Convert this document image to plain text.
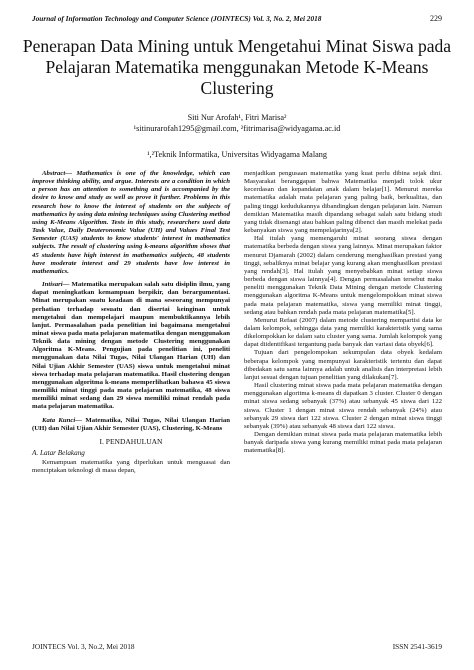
Journal of Information Technology and Computer Science (JOINTECS) Vol. 3, No. 2, Mei 2018	229
Penerapan Data Mining untuk Mengetahui Minat Siswa pada Pelajaran Matematika menggunakan Metode K-Means Clustering
Siti Nur Arofah¹, Fitri Marisa²
¹sitinurarofah1295@gmail.com, ²fitrimarisa@widyagama.ac.id
¹,²Teknik Informatika, Universitas Widyagama Malang

Abstract— Mathematics is one of the knowledge, which can improve thinking ability, and argue. Interests are a condition in which a person has an attention to something and is accompanied by the desire to know and study as well as prove it further. Problems in this research how to know the interest of students on the subjects of mathematics by using data mining techniques using Clustering method using K-Means Algorithm. Tests in this study, researchers used data Task Value, Daily Deuteronomic Value (UH) and Values Final Test Semester (UAS) students to know students' interest in mathematics subjects. The result of clustering using k-means algorithm shows that 45 students have high interest in mathematics subjects, 48 students have moderate interest and 29 students have low interest in mathematics.

Intisari— Matematika merupakan salah satu disiplin ilmu, yang dapat meningkatkan kemampuan berpikir, dan berargumentasi. Minat merupakan suatu keadaan di mana seseorang mempunyai perhatian terhadap sesuatu dan disertai keinginan untuk mengetahui dan mempelajari maupun membuktikannya lebih lanjut. Permasalahan pada penelitian ini bagaimana mengetahui minat siswa pada mata pelajaran matematika dengan menggunakan Teknik data mining dengan metode Clustering menggunakan Algoritma K-Means. Pengujian pada penelitian ini, peneliti menggunakan data Nilai Tugas, Nilai Ulangan Harian (UH) dan Nilai Ujian Akhir Semester (UAS) siswa untuk mengetahui minat siswa terhadap mata pelajaran matematika. Hasil clustering dengan menggunakan algoritma k-means memperlihatkan bahawa 45 siswa memiliki minat tinggi pada mata pelajaran matematika, 48 siswa memiliki minat sedang dan 29 siswa memiliki minat rendah pada mata pelajaran matematika.

Kata Kunci— Matematika, Nilai Tugas, Nilai Ulangan Harian (UH) dan Nilai Ujian Akhir Semester (UAS), Clustering, K-Means

I. PENDAHULUAN
A. Latar Belakang

Kemampuan matematika yang diperlukan untuk menguasai dan menciptakan teknologi di masa depan,

menjadikan pengusaan matematika yang kuat perlu dibina sejak dini. Masyarakat beranggapan bahwa Matematika menjadi tolok ukur kecerdasan dan kepandaian anak dalam belajar[1]. Menurut mereka matematika adalah mata pelajaran yang paling baik, berkualitas, dan paling tinggi kedudukannya dibandingkan dengan pelajaran lain. Namun demikian Matematika masih dipandang sebagai salah satu bidang studi yang tidak disenangi atau bahkan paling dibenci dan masih melekat pada kebanyakan siswa yang mempelajarinya[2].

Hal itulah yang memengaruhi minat seorang siswa dengan matematika berbeda dengan siswa yang lainnya. Minat merupakan faktor menurut Djamarah (2002) dalam cenderung menghasilkan prestasi yang tinggi, sebaliknya minat belajar yang kurang akan menghasilkan prestasi yang rendah[3]. Hal itulah yang menyebabkan minat setiap siswa berbeda dengan siswa lainnya[4]. Dengan permasalahan tersebut maka peneliti menggunakan Teknik Data Mining dengan metode Clustering menggunakan algoritma K-Means untuk mengelompokkan minat siswa pada mata pelajaran matematika, siswa yang memiliki minat tinggi, sedang atau bahkan rendah pada mata pelajaran matematika[5].

Menurut Refaat (2007) dalam metode clustering mempartisi data ke dalam kelompok, sehingga data yang memiliki karakteristik yang sama dikelompokkan ke dalam satu cluster yang sama. Jumlah kelompok yang dapat diidentifikasi tergantung pada banyak dan variasi data obyek[6].

Tujuan dari pengelompokan sekumpulan data obyek kedalam beberapa kelompok yang mempunyai karakteristik tertentu dan dapat dibedakan satu sama lainnya adalah untuk analisis dan interpretasi lebih lanjut sesuai dengan tujuan penelitian yang dilakukan[7].

Hasil clustering minat siswa pada mata pelajaran matematika dengan menggunakan algoritma k-means di dapatkan 3 cluster. Cluster 0 dengan minat siswa sedang sebanyak (37%) atau sebanyak 45 siswa dari 122 siswa. Cluster 1 dengan minat siswa rendah sebanyak (24%) atau sebanyak 29 siswa dari 122 siswa. Cluster 2 dengan minat siswa tinggi sebanyak (39%) atau sebanyak 48 siswa dari 122 siswa.

Dengan demikian minat siswa pada mata pelajaran matematika lebih banyak daripada siswa yang kurang memiliki minat pada mata pelajaran matematika[8].

JOINTECS Vol. 3, No.2, Mei 2018	ISSN 2541-3619
